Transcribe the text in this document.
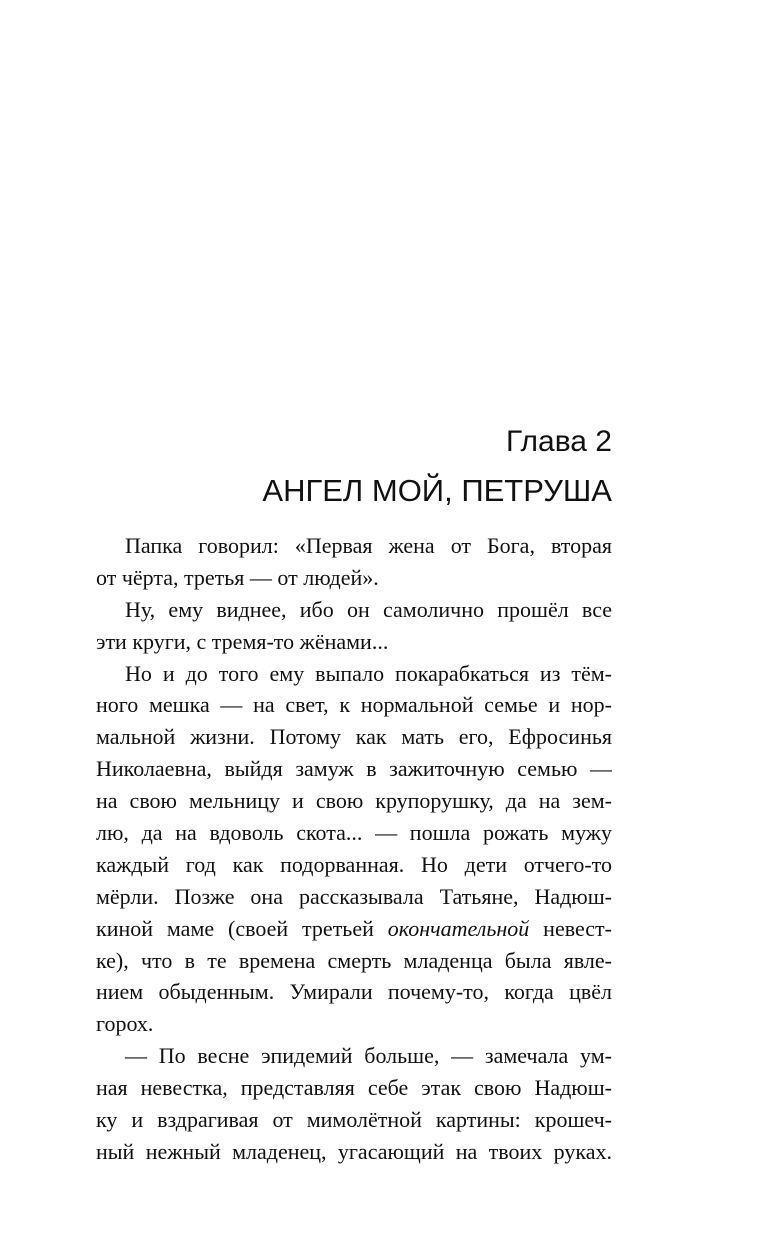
Глава 2
АНГЕЛ МОЙ, ПЕТРУША
Папка говорил: «Первая жена от Бога, вторая
от чёрта, третья — от людей».
Ну, ему виднее, ибо он самолично прошёл все
эти круги, с тремя-то жёнами...
Но и до того ему выпало покарабкаться из тём-
ного мешка — на свет, к нормальной семье и нор-
мальной жизни. Потому как мать его, Ефросинья
Николаевна, выйдя замуж в зажиточную семью —
на свою мельницу и свою крупорушку, да на зем-
лю, да на вдоволь скота... — пошла рожать мужу
каждый год как подорванная. Но дети отчего-то
мёрли. Позже она рассказывала Татьяне, Надюш-
киной маме (своей третьей окончательной невест-
ке), что в те времена смерть младенца была явле-
нием обыденным. Умирали почему-то, когда цвёл
горох.
— По весне эпидемий больше, — замечала ум-
ная невестка, представляя себе этак свою Надюш-
ку и вздрагивая от мимолётной картины: крошеч-
ный нежный младенец, угасающий на твоих руках.
